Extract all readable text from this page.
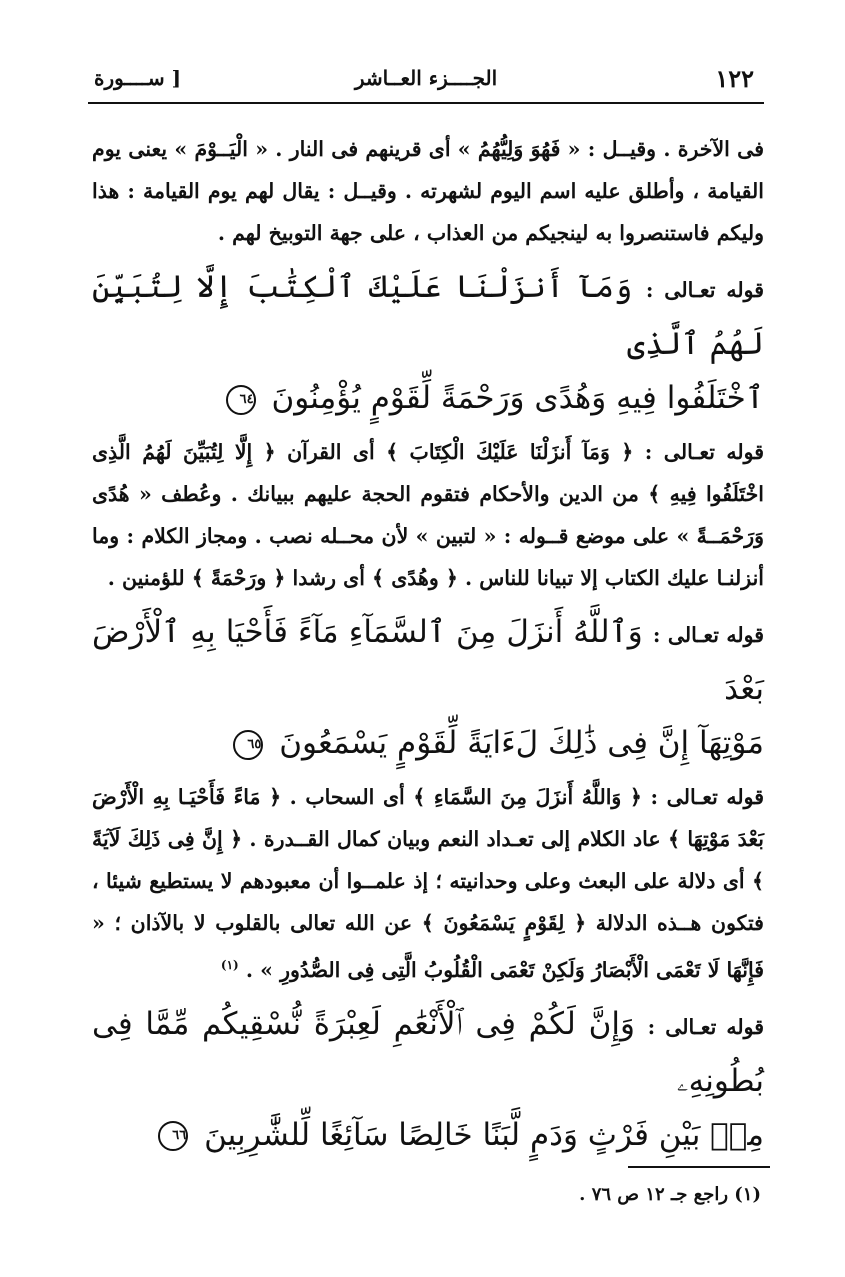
١٢٢
الجــــزء العــاشر
[ ســــورة

فى الآخرة . وقيــل : « فَهُوَ وَلِيُّهُمُ » أى قرينهم فى النار . « الْيَــوْمَ » يعنى يوم القيامة ، وأطلق عليه اسم اليوم لشهرته . وقيــل : يقال لهم يوم القيامة : هذا وليكم فاستنصروا به لينجيكم من العذاب ، على جهة التوبيخ لهم .

قوله تعـالى : وَمَآ أَنزَلْنَا عَلَيْكَ ٱلْكِتَٰبَ إِلَّا لِتُبَيِّنَ لَهُمُ ٱلَّذِى
ٱخْتَلَفُوا فِيهِ وَهُدًى وَرَحْمَةً لِّقَوْمٍ يُؤْمِنُونَ ٦٤

قوله تعـالى : ﴿ وَمَآ أَنزَلْنَا عَلَيْكَ الْكِتَابَ ﴾ أى القرآن ﴿ إِلَّا لِتُبَيِّنَ لَهُمُ الَّذِى اخْتَلَفُوا فِيهِ ﴾ من الدين والأحكام فتقوم الحجة عليهم ببيانك . وعُطف « هُدًى وَرَحْمَــةً » على موضع قــوله : « لتبين » لأن محــله نصب . ومجاز الكلام : وما أنزلنـا عليك الكتاب إلا تبيانا للناس . ﴿ وهُدًى ﴾ أى رشدا ﴿ ورَحْمَةً ﴾ للؤمنين .

قوله تعـالى : وَٱللَّهُ أَنزَلَ مِنَ ٱلسَّمَآءِ مَآءً فَأَحْيَا بِهِ ٱلْأَرْضَ بَعْدَ
مَوْتِهَآ إِنَّ فِى ذَٰلِكَ لَءَايَةً لِّقَوْمٍ يَسْمَعُونَ ٦٥

قوله تعـالى : ﴿ وَاللَّهُ أَنزَلَ مِنَ السَّمَاءِ ﴾ أى السحاب . ﴿ مَاءً فَأَحْيَـا بِهِ الْأَرْضَ بَعْدَ مَوْتِهَا ﴾ عاد الكلام إلى تعـداد النعم وبيان كمال القــدرة . ﴿ إِنَّ فِى ذَلِكَ لَآيَةً ﴾ أى دلالة على البعث وعلى وحدانيته ؛ إذ علمــوا أن معبودهم لا يستطيع شيئا ، فتكون هــذه الدلالة ﴿ لِقَوْمٍ يَسْمَعُونَ ﴾ عن الله تعالى بالقلوب لا بالآذان ؛ « فَإِنَّهَا لَا تَعْمَى الْأَبْصَارُ وَلَكِنْ تَعْمَى الْقُلُوبُ الَّتِى فِى الصُّدُورِ » . $^{(١)}$

قوله تعـالى : وَإِنَّ لَكُمْ فِى ٱلْأَنْعَٰمِ لَعِبْرَةً نُّسْقِيكُم مِّمَّا فِى بُطُونِهِۦ
مِنۢ بَيْنِ فَرْثٍ وَدَمٍ لَّبَنًا خَالِصًا سَآئِغًا لِّلشَّٰرِبِينَ ٦٦
(١) راجع جـ ١٢ ص ٧٦ .
